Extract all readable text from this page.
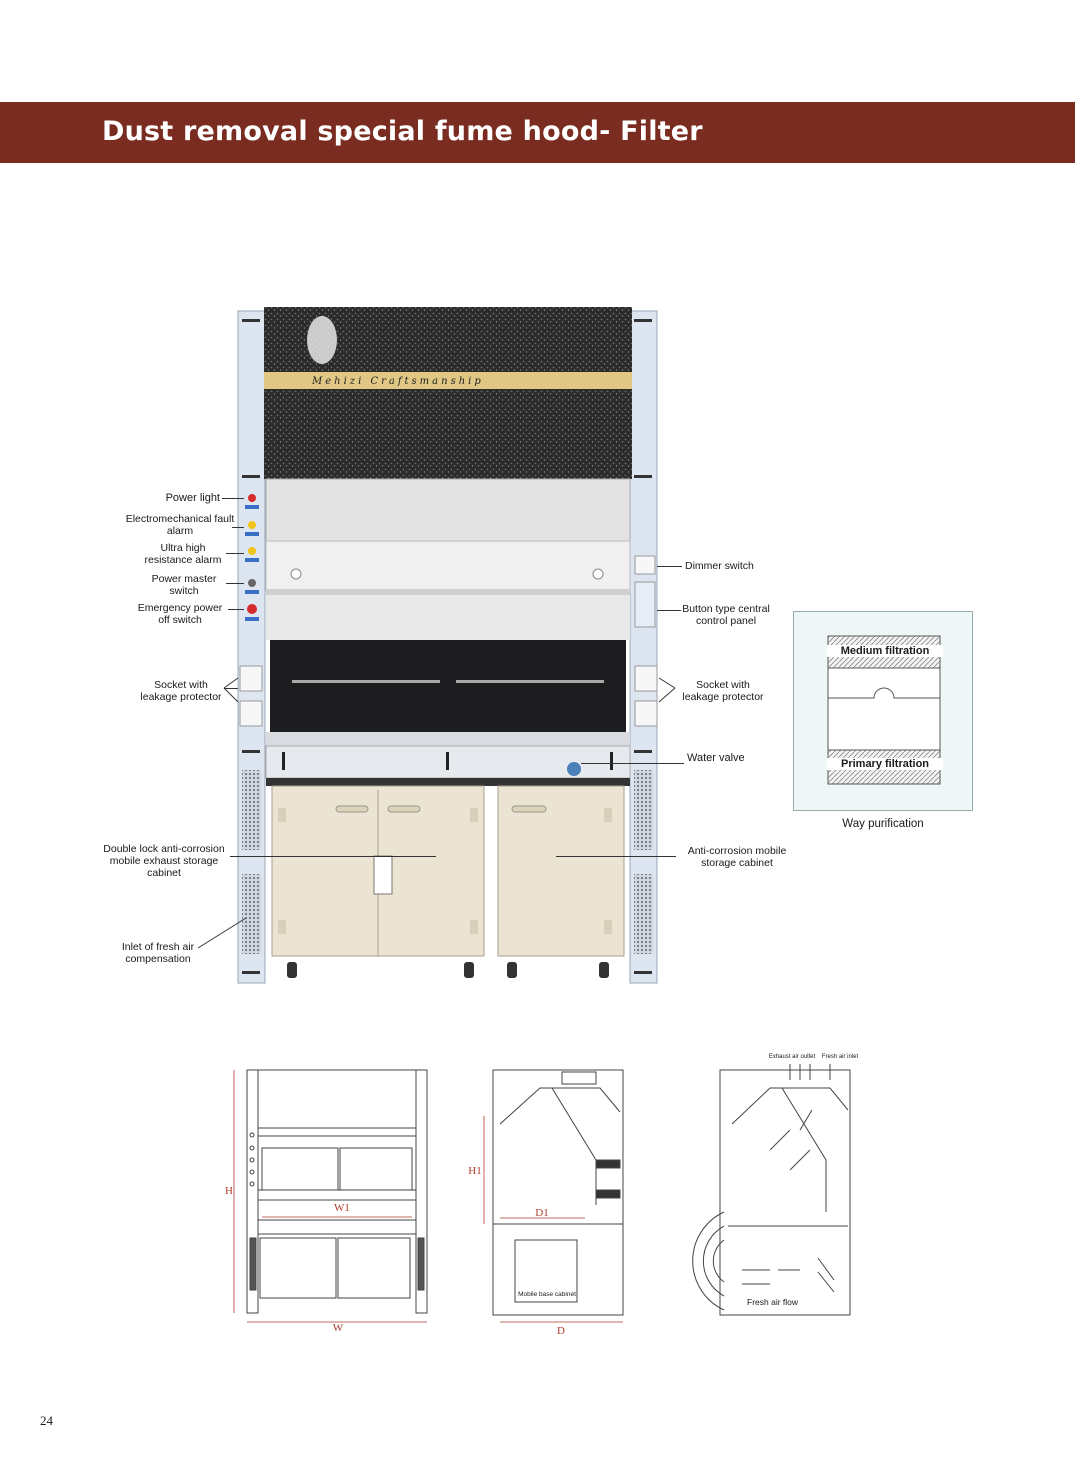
Dust removal special fume hood- Filter
Mehizi Craftsmanship
Power light
Electromechanical fault alarm
Ultra high resistance alarm
Power master switch
Emergency power off switch
Socket with leakage protector
Double lock anti-corrosion mobile exhaust storage cabinet
Inlet of fresh air compensation
Dimmer switch
Button type central control panel
Socket with leakage protector
Water valve
Anti-corrosion mobile storage cabinet
Medium filtration
Primary filtration
Way purification
H
W1
W
H1
D1
D
Mobile base cabinet
Exhaust air outlet	Fresh air inlet
Fresh air flow
24
